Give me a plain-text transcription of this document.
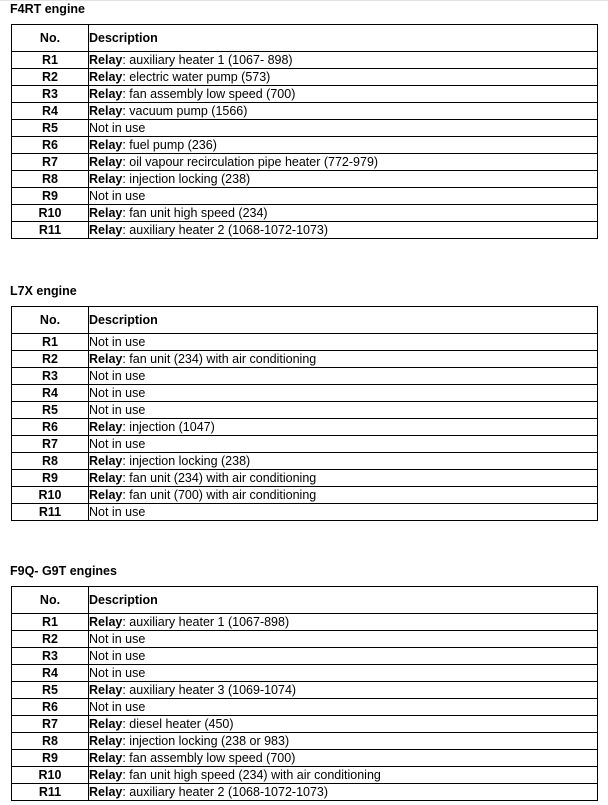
F4RT engine
No.	Description
R1	Relay: auxiliary heater 1 (1067- 898)
R2	Relay: electric water pump (573)
R3	Relay: fan assembly low speed (700)
R4	Relay: vacuum pump (1566)
R5	Not in use
R6	Relay: fuel pump (236)
R7	Relay: oil vapour recirculation pipe heater (772-979)
R8	Relay: injection locking (238)
R9	Not in use
R10	Relay: fan unit high speed (234)
R11	Relay: auxiliary heater 2 (1068-1072-1073)
L7X engine
No.	Description
R1	Not in use
R2	Relay: fan unit (234) with air conditioning
R3	Not in use
R4	Not in use
R5	Not in use
R6	Relay: injection (1047)
R7	Not in use
R8	Relay: injection locking (238)
R9	Relay: fan unit (234) with air conditioning
R10	Relay: fan unit (700) with air conditioning
R11	Not in use
F9Q- G9T engines
No.	Description
R1	Relay: auxiliary heater 1 (1067-898)
R2	Not in use
R3	Not in use
R4	Not in use
R5	Relay: auxiliary heater 3 (1069-1074)
R6	Not in use
R7	Relay: diesel heater (450)
R8	Relay: injection locking (238 or 983)
R9	Relay: fan assembly low speed (700)
R10	Relay: fan unit high speed (234) with air conditioning
R11	Relay: auxiliary heater 2 (1068-1072-1073)
